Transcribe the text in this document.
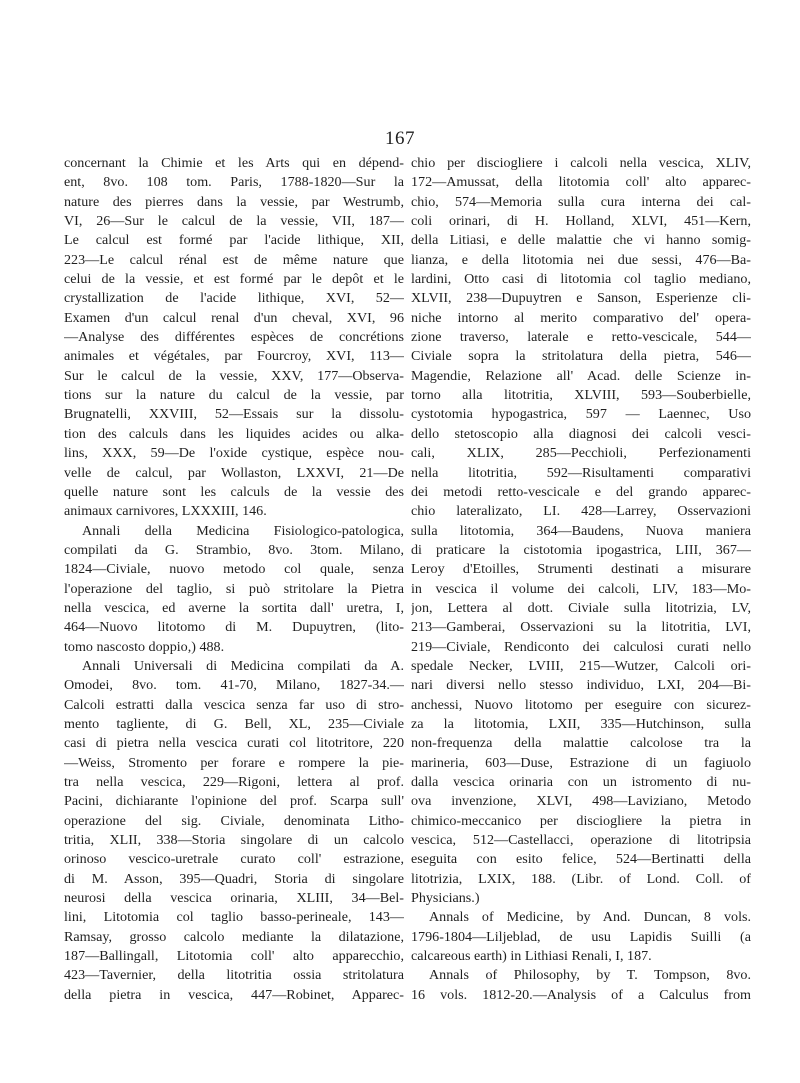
167
concernant la Chimie et les Arts qui en dépend-
ent, 8vo. 108 tom. Paris, 1788-1820—Sur la
nature des pierres dans la vessie, par Westrumb,
VI, 26—Sur le calcul de la vessie, VII, 187—
Le calcul est formé par l'acide lithique, XII,
223—Le calcul rénal est de même nature que
celui de la vessie, et est formé par le depôt et le
crystallization de l'acide lithique, XVI, 52—
Examen d'un calcul renal d'un cheval, XVI, 96
—Analyse des différentes espèces de concrétions
animales et végétales, par Fourcroy, XVI, 113—
Sur le calcul de la vessie, XXV, 177—Observa-
tions sur la nature du calcul de la vessie, par
Brugnatelli, XXVIII, 52—Essais sur la dissolu-
tion des calculs dans les liquides acides ou alka-
lins, XXX, 59—De l'oxide cystique, espèce nou-
velle de calcul, par Wollaston, LXXVI, 21—De
quelle nature sont les calculs de la vessie des
animaux carnivores, LXXXIII, 146.
Annali della Medicina Fisiologico-patologica,
compilati da G. Strambio, 8vo. 3tom. Milano,
1824—Civiale, nuovo metodo col quale, senza
l'operazione del taglio, si può stritolare la Pietra
nella vescica, ed averne la sortita dall' uretra, I,
464—Nuovo litotomo di M. Dupuytren, (lito-
tomo nascosto doppio,) 488.
Annali Universali di Medicina compilati da A.
Omodei, 8vo. tom. 41-70, Milano, 1827-34.—
Calcoli estratti dalla vescica senza far uso di stro-
mento tagliente, di G. Bell, XL, 235—Civiale
casi di pietra nella vescica curati col litotritore, 220
—Weiss, Stromento per forare e rompere la pie-
tra nella vescica, 229—Rigoni, lettera al prof.
Pacini, dichiarante l'opinione del prof. Scarpa sull'
operazione del sig. Civiale, denominata Litho-
tritia, XLII, 338—Storia singolare di un calcolo
orinoso vescico-uretrale curato coll' estrazione,
di M. Asson, 395—Quadri, Storia di singolare
neurosi della vescica orinaria, XLIII, 34—Bel-
lini, Litotomia col taglio basso-perineale, 143—
Ramsay, grosso calcolo mediante la dilatazione,
187—Ballingall, Litotomia coll' alto apparecchio,
423—Tavernier, della litotritia ossia stritolatura
della pietra in vescica, 447—Robinet, Apparec-
chio per disciogliere i calcoli nella vescica, XLIV,
172—Amussat, della litotomia coll' alto apparec-
chio, 574—Memoria sulla cura interna dei cal-
coli orinari, di H. Holland, XLVI, 451—Kern,
della Litiasi, e delle malattie che vi hanno somig-
lianza, e della litotomia nei due sessi, 476—Ba-
lardini, Otto casi di litotomia col taglio mediano,
XLVII, 238—Dupuytren e Sanson, Esperienze cli-
niche intorno al merito comparativo del' opera-
zione traverso, laterale e retto-vescicale, 544—
Civiale sopra la stritolatura della pietra, 546—
Magendie, Relazione all' Acad. delle Scienze in-
torno alla litotritia, XLVIII, 593—Souberbielle,
cystotomia hypogastrica, 597 — Laennec, Uso
dello stetoscopio alla diagnosi dei calcoli vesci-
cali, XLIX, 285—Pecchioli, Perfezionamenti
nella litotritia, 592—Risultamenti comparativi
dei metodi retto-vescicale e del grando apparec-
chio lateralizato, LI. 428—Larrey, Osservazioni
sulla litotomia, 364—Baudens, Nuova maniera
di praticare la cistotomia ipogastrica, LIII, 367—
Leroy d'Etoilles, Strumenti destinati a misurare
in vescica il volume dei calcoli, LIV, 183—Mo-
jon, Lettera al dott. Civiale sulla litotrizia, LV,
213—Gamberai, Osservazioni su la litotritia, LVI,
219—Civiale, Rendiconto dei calculosi curati nello
spedale Necker, LVIII, 215—Wutzer, Calcoli ori-
nari diversi nello stesso individuo, LXI, 204—Bi-
anchessi, Nuovo litotomo per eseguire con sicurez-
za la litotomia, LXII, 335—Hutchinson, sulla
non-frequenza della malattie calcolose tra la
marineria, 603—Duse, Estrazione di un fagiuolo
dalla vescica orinaria con un istromento di nu-
ova invenzione, XLVI, 498—Laviziano, Metodo
chimico-meccanico per disciogliere la pietra in
vescica, 512—Castellacci, operazione di litotripsia
eseguita con esito felice, 524—Bertinatti della
litotrizia, LXIX, 188. (Libr. of Lond. Coll. of
Physicians.)
Annals of Medicine, by And. Duncan, 8 vols.
1796-1804—Liljeblad, de usu Lapidis Suilli (a
calcareous earth) in Lithiasi Renali, I, 187.
Annals of Philosophy, by T. Tompson, 8vo.
16 vols. 1812-20.—Analysis of a Calculus from
